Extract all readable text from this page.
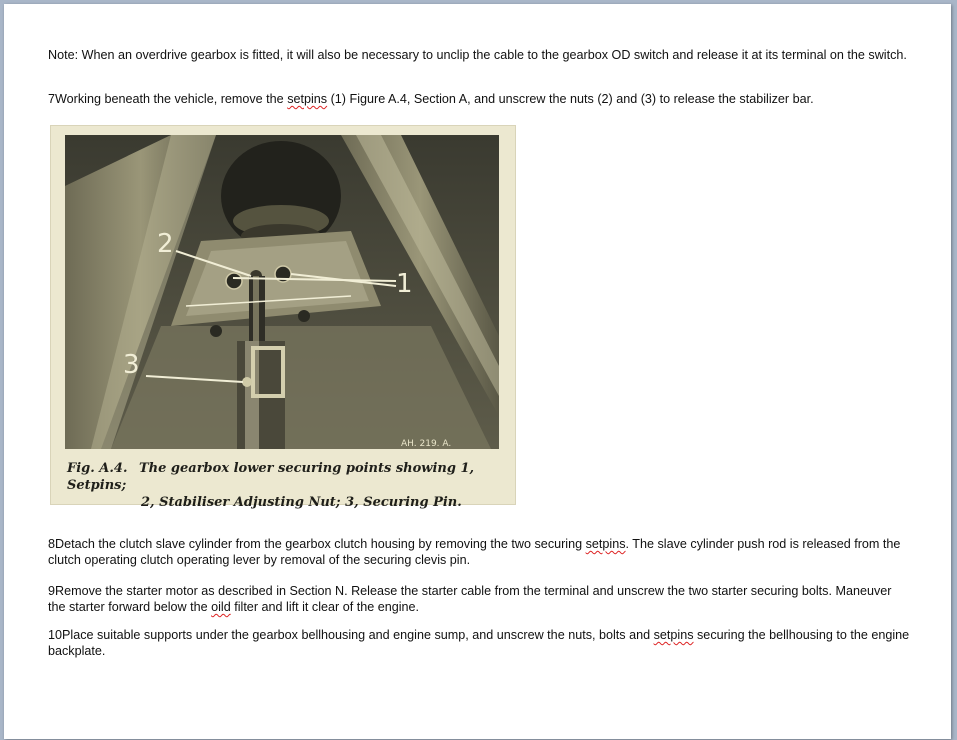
Note: When an overdrive gearbox is fitted, it will also be necessary to unclip the cable to the gearbox OD switch and release it at its terminal on the switch.

7Working beneath the vehicle, remove the setpins (1) Figure A.4, Section A, and unscrew the nuts (2) and (3) to release the stabilizer bar.

2
1
3
AH. 219. A.
Fig. A.4. The gearbox lower securing points showing 1, Setpins;
2, Stabiliser Adjusting Nut; 3, Securing Pin.

8Detach the clutch slave cylinder from the gearbox clutch housing by removing the two securing setpins. The slave cylinder push rod is released from the clutch operating clutch operating lever by removal of the securing clevis pin.

9Remove the starter motor as described in Section N. Release the starter cable from the terminal and unscrew the two starter securing bolts. Maneuver the starter forward below the oild filter and lift it clear of the engine.

10Place suitable supports under the gearbox bellhousing and engine sump, and unscrew the nuts, bolts and setpins securing the bellhousing to the engine backplate.
